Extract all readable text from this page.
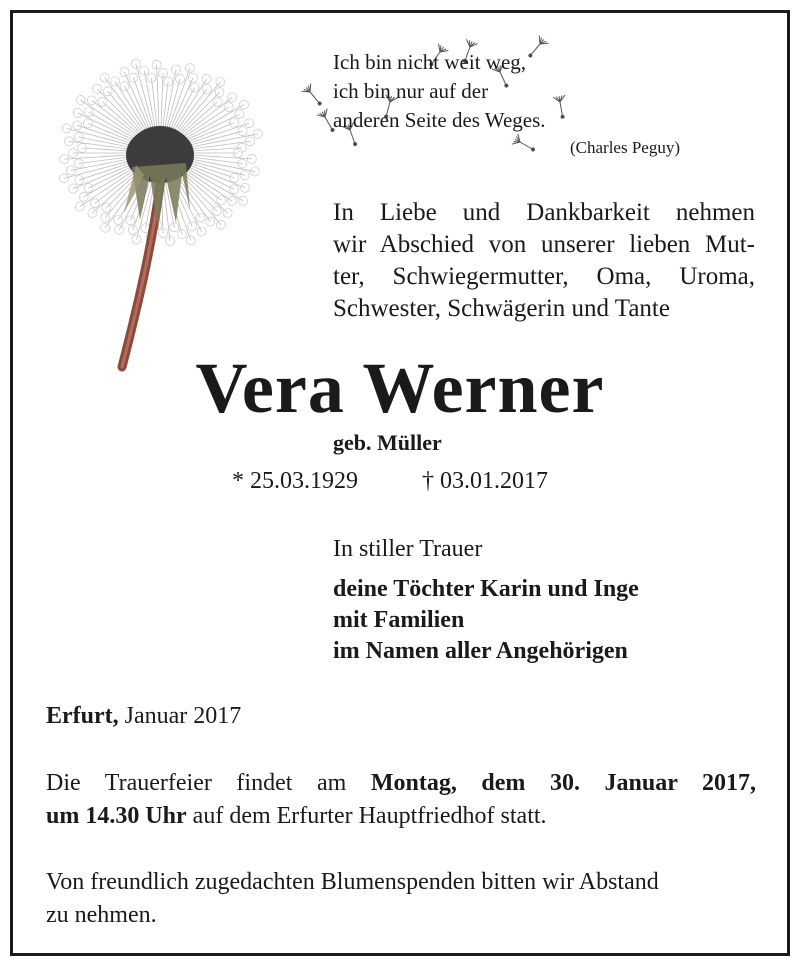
Ich bin nicht weit weg,
ich bin nur auf der
anderen Seite des Weges.
(Charles Peguy)
In Liebe und Dankbarkeit nehmen
wir Abschied von unserer lieben Mut-
ter, Schwiegermutter, Oma, Uroma,
Schwester, Schwägerin und Tante
Vera Werner
geb. Müller
* 25.03.1929	† 03.01.2017
In stiller Trauer
deine Töchter Karin und Inge
mit Familien
im Namen aller Angehörigen
Erfurt, Januar 2017
Die Trauerfeier findet am Montag, dem 30. Januar 2017,
um 14.30 Uhr auf dem Erfurter Hauptfriedhof statt.
Von freundlich zugedachten Blumenspenden bitten wir Abstand
zu nehmen.
